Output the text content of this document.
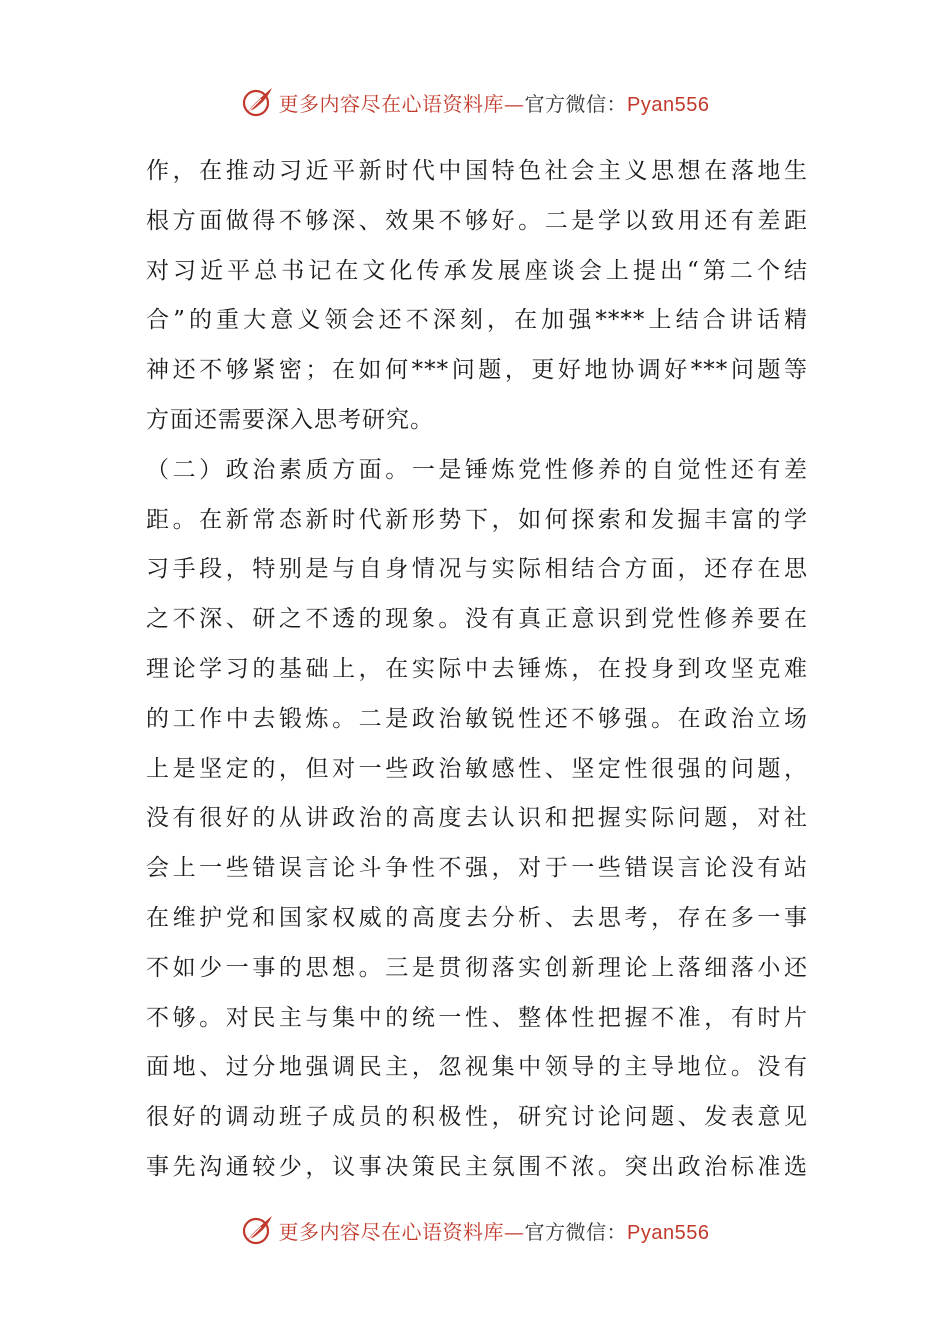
更多内容尽在心语资料库—官方微信：Pyan556
作，在推动习近平新时代中国特色社会主义思想在落地生
根方面做得不够深、效果不够好。二是学以致用还有差距
对习近平总书记在文化传承发展座谈会上提出“第二个结
合”的重大意义领会还不深刻，在加强****上结合讲话精
神还不够紧密；在如何***问题，更好地协调好***问题等
方面还需要深入思考研究。
（二）政治素质方面。一是锤炼党性修养的自觉性还有差
距。在新常态新时代新形势下，如何探索和发掘丰富的学
习手段，特别是与自身情况与实际相结合方面，还存在思
之不深、研之不透的现象。没有真正意识到党性修养要在
理论学习的基础上，在实际中去锤炼，在投身到攻坚克难
的工作中去锻炼。二是政治敏锐性还不够强。在政治立场
上是坚定的，但对一些政治敏感性、坚定性很强的问题，
没有很好的从讲政治的高度去认识和把握实际问题，对社
会上一些错误言论斗争性不强，对于一些错误言论没有站
在维护党和国家权威的高度去分析、去思考，存在多一事
不如少一事的思想。三是贯彻落实创新理论上落细落小还
不够。对民主与集中的统一性、整体性把握不准，有时片
面地、过分地强调民主，忽视集中领导的主导地位。没有
很好的调动班子成员的积极性，研究讨论问题、发表意见
事先沟通较少，议事决策民主氛围不浓。突出政治标准选
更多内容尽在心语资料库—官方微信：Pyan556
